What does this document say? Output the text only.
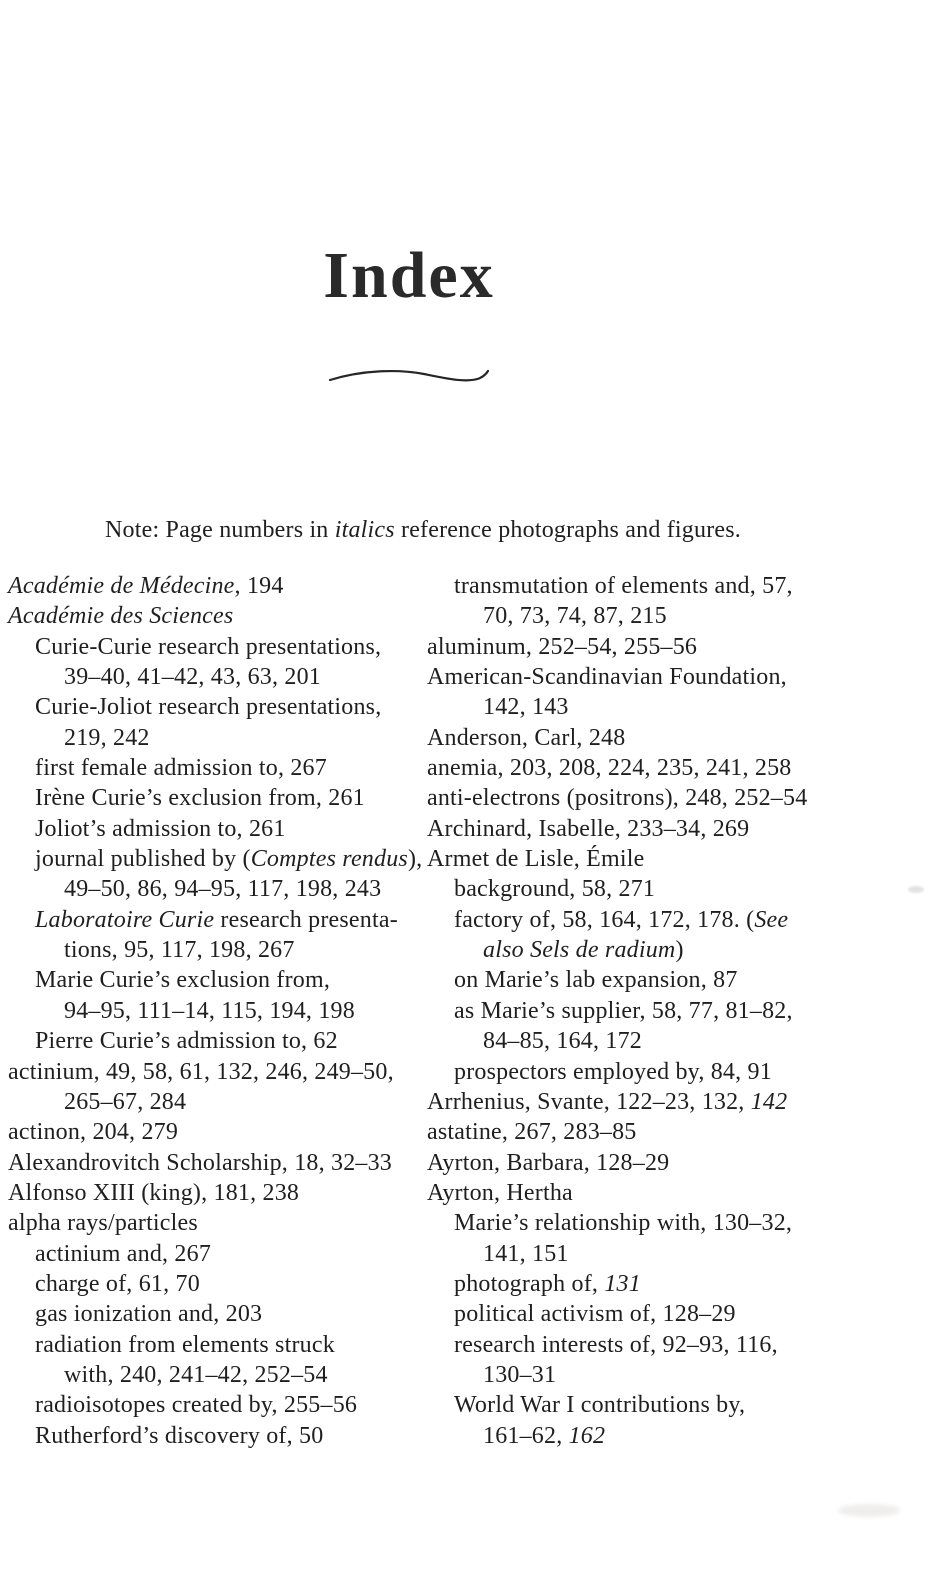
Index

Note: Page numbers in italics reference photographs and figures.

Académie de Médecine, 194
Académie des Sciences
Curie-Curie research presentations,
39–40, 41–42, 43, 63, 201
Curie-Joliot research presentations,
219, 242
first female admission to, 267
Irène Curie’s exclusion from, 261
Joliot’s admission to, 261
journal published by (Comptes rendus),
49–50, 86, 94–95, 117, 198, 243
Laboratoire Curie research presenta-
tions, 95, 117, 198, 267
Marie Curie’s exclusion from,
94–95, 111–14, 115, 194, 198
Pierre Curie’s admission to, 62
actinium, 49, 58, 61, 132, 246, 249–50,
265–67, 284
actinon, 204, 279
Alexandrovitch Scholarship, 18, 32–33
Alfonso XIII (king), 181, 238
alpha rays/particles
actinium and, 267
charge of, 61, 70
gas ionization and, 203
radiation from elements struck
with, 240, 241–42, 252–54
radioisotopes created by, 255–56
Rutherford’s discovery of, 50
transmutation of elements and, 57,
70, 73, 74, 87, 215
aluminum, 252–54, 255–56
American-Scandinavian Foundation,
142, 143
Anderson, Carl, 248
anemia, 203, 208, 224, 235, 241, 258
anti-electrons (positrons), 248, 252–54
Archinard, Isabelle, 233–34, 269
Armet de Lisle, Émile
background, 58, 271
factory of, 58, 164, 172, 178. (See
also Sels de radium)
on Marie’s lab expansion, 87
as Marie’s supplier, 58, 77, 81–82,
84–85, 164, 172
prospectors employed by, 84, 91
Arrhenius, Svante, 122–23, 132, 142
astatine, 267, 283–85
Ayrton, Barbara, 128–29
Ayrton, Hertha
Marie’s relationship with, 130–32,
141, 151
photograph of, 131
political activism of, 128–29
research interests of, 92–93, 116,
130–31
World War I contributions by,
161–62, 162
